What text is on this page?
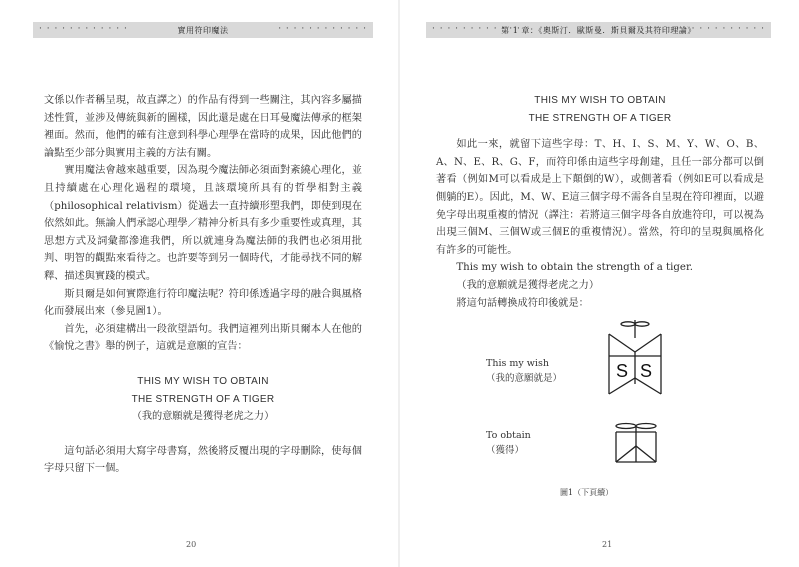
· · · · · · · · · · · ·	實用符印魔法	· · · · · · · · · · · ·

文係以作者稱呈現，故直譯之）的作品有得到一些關注，其內容多屬描述性質，並涉及傳統與新的圖樣，因此還是處在日耳曼魔法傳承的框架裡面。然而，他們的確有注意到科學心理學在當時的成果，因此他們的論點至少部分與實用主義的方法有關。

實用魔法會越來越重要，因為現今魔法師必須面對紊繞心理化，並且持續處在心理化過程的環境，且該環境所具有的哲學相對主義（philosophical relativism）從過去一直持續形塑我們，即使到現在依然如此。無論人們承認心理學／精神分析具有多少重要性或真理，其思想方式及詞彙都滲進我們，所以就連身為魔法師的我們也必須用批判、明智的觀點來看待之。也許要等到另一個時代，才能尋找不同的解釋、描述與實踐的模式。

斯貝爾是如何實際進行符印魔法呢？符印係透過字母的融合與風格化而發展出來（參見圖1）。

首先，必須建構出一段欲望語句。我們這裡列出斯貝爾本人在他的《愉悅之書》舉的例子，這就是意願的宣告：

THIS MY WISH TO OBTAIN

THE STRENGTH OF A TIGER

（我的意願就是獲得老虎之力）

這句話必須用大寫字母書寫，然後將反覆出現的字母刪除，使每個字母只留下一個。

20
· · · · · · · · · · · ·
第 1 章：《奧斯汀．歐斯曼．斯貝爾及其符印理論》
· · · · · · · · · · · ·

THIS MY WISH TO OBTAIN

THE STRENGTH OF A TIGER

如此一來，就留下這些字母：T、H、I、S、M、Y、W、O、B、A、N、E、R、G、F，而符印係由這些字母創建，且任一部分都可以倒著看（例如M可以看成是上下顛倒的W），或側著看（例如E可以看成是側躺的E）。因此，M、W、E這三個字母不需各自呈現在符印裡面，以避免字母出現重複的情況（譯注：若將這三個字母各自放進符印，可以視為出現三個M、三個W或三個E的重複情況）。當然，符印的呈現與風格化有許多的可能性。

This my wish to obtain the strength of a tiger.

（我的意願就是獲得老虎之力）

將這句話轉換成符印後就是：

This my wish
（我的意願就是）
To obtain
（獲得）
S S
圖1（下頁續）
21
